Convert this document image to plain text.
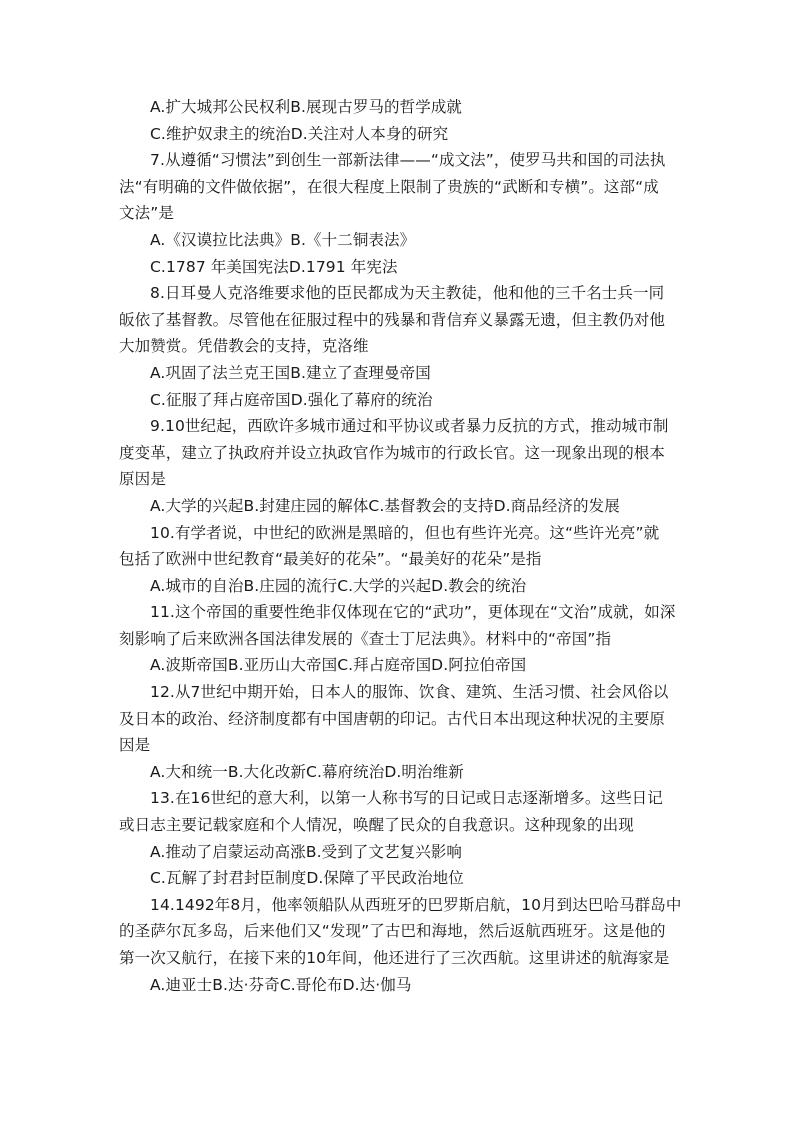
A.扩大城邦公民权利B.展现古罗马的哲学成就
C.维护奴隶主的统治D.关注对人本身的研究
7.从遵循“习惯法”到创生一部新法律——“成文法”，使罗马共和国的司法执
法“有明确的文件做依据”，在很大程度上限制了贵族的“武断和专横”。这部“成
文法”是
A.《汉谟拉比法典》B.《十二铜表法》
C.1787 年美国宪法D.1791 年宪法
8.日耳曼人克洛维要求他的臣民都成为天主教徒，他和他的三千名士兵一同
皈依了基督教。尽管他在征服过程中的残暴和背信弃义暴露无遗，但主教仍对他
大加赞赏。凭借教会的支持，克洛维
A.巩固了法兰克王国B.建立了查理曼帝国
C.征服了拜占庭帝国D.强化了幕府的统治
9.10世纪起，西欧许多城市通过和平协议或者暴力反抗的方式，推动城市制
度变革，建立了执政府并设立执政官作为城市的行政长官。这一现象出现的根本
原因是
A.大学的兴起B.封建庄园的解体C.基督教会的支持D.商品经济的发展
10.有学者说，中世纪的欧洲是黑暗的，但也有些许光亮。这“些许光亮”就
包括了欧洲中世纪教育“最美好的花朵”。“最美好的花朵”是指
A.城市的自治B.庄园的流行C.大学的兴起D.教会的统治
11.这个帝国的重要性绝非仅体现在它的“武功”，更体现在“文治”成就，如深
刻影响了后来欧洲各国法律发展的《查士丁尼法典》。材料中的“帝国”指
A.波斯帝国B.亚历山大帝国C.拜占庭帝国D.阿拉伯帝国
12.从7世纪中期开始，日本人的服饰、饮食、建筑、生活习惯、社会风俗以
及日本的政治、经济制度都有中国唐朝的印记。古代日本出现这种状况的主要原
因是
A.大和统一B.大化改新C.幕府统治D.明治维新
13.在16世纪的意大利，以第一人称书写的日记或日志逐渐增多。这些日记
或日志主要记载家庭和个人情况，唤醒了民众的自我意识。这种现象的出现
A.推动了启蒙运动高涨B.受到了文艺复兴影响
C.瓦解了封君封臣制度D.保障了平民政治地位
14.1492年8月，他率领船队从西班牙的巴罗斯启航，10月到达巴哈马群岛中
的圣萨尔瓦多岛，后来他们又“发现”了古巴和海地，然后返航西班牙。这是他的
第一次又航行，在接下来的10年间，他还进行了三次西航。这里讲述的航海家是
A.迪亚士B.达·芬奇C.哥伦布D.达·伽马
